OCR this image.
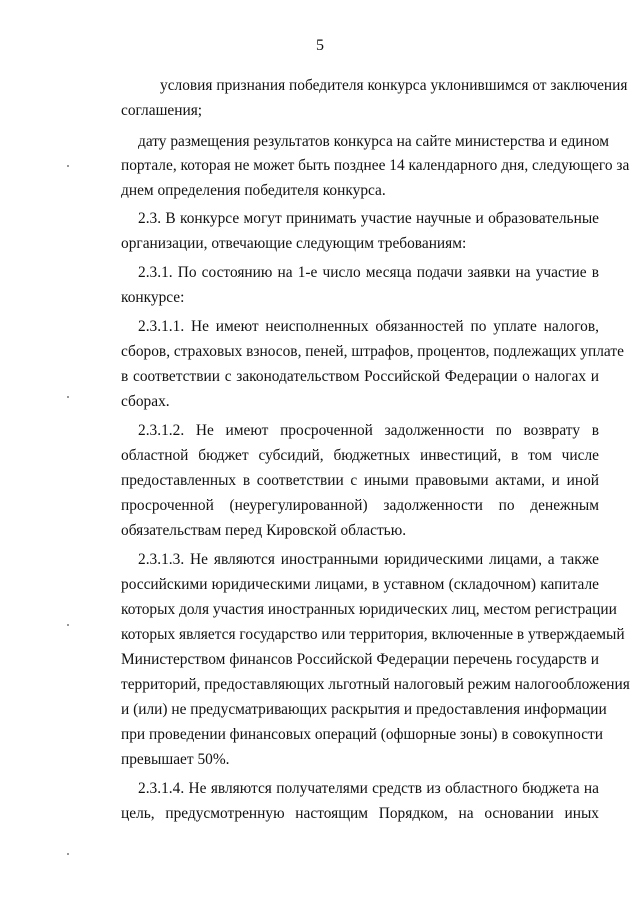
5
условия признания победителя конкурса уклонившимся от заключения
соглашения;
дату размещения результатов конкурса на сайте министерства и едином
портале, которая не может быть позднее 14 календарного дня, следующего за
днем определения победителя конкурса.
2.3. В конкурсе могут принимать участие научные и образовательные
организации, отвечающие следующим требованиям:
2.3.1. По состоянию на 1-е число месяца подачи заявки на участие в
конкурсе:
2.3.1.1. Не имеют неисполненных обязанностей по уплате налогов,
сборов, страховых взносов, пеней, штрафов, процентов, подлежащих уплате
в соответствии с законодательством Российской Федерации о налогах и
сборах.
2.3.1.2. Не имеют просроченной задолженности по возврату в
областной бюджет субсидий, бюджетных инвестиций, в том числе
предоставленных в соответствии с иными правовыми актами, и иной
просроченной (неурегулированной) задолженности по денежным
обязательствам перед Кировской областью.
2.3.1.3. Не являются иностранными юридическими лицами, а также
российскими юридическими лицами, в уставном (складочном) капитале
которых доля участия иностранных юридических лиц, местом регистрации
которых является государство или территория, включенные в утверждаемый
Министерством финансов Российской Федерации перечень государств и
территорий, предоставляющих льготный налоговый режим налогообложения
и (или) не предусматривающих раскрытия и предоставления информации
при проведении финансовых операций (офшорные зоны) в совокупности
превышает 50%.
2.3.1.4. Не являются получателями средств из областного бюджета на
цель, предусмотренную настоящим Порядком, на основании иных
